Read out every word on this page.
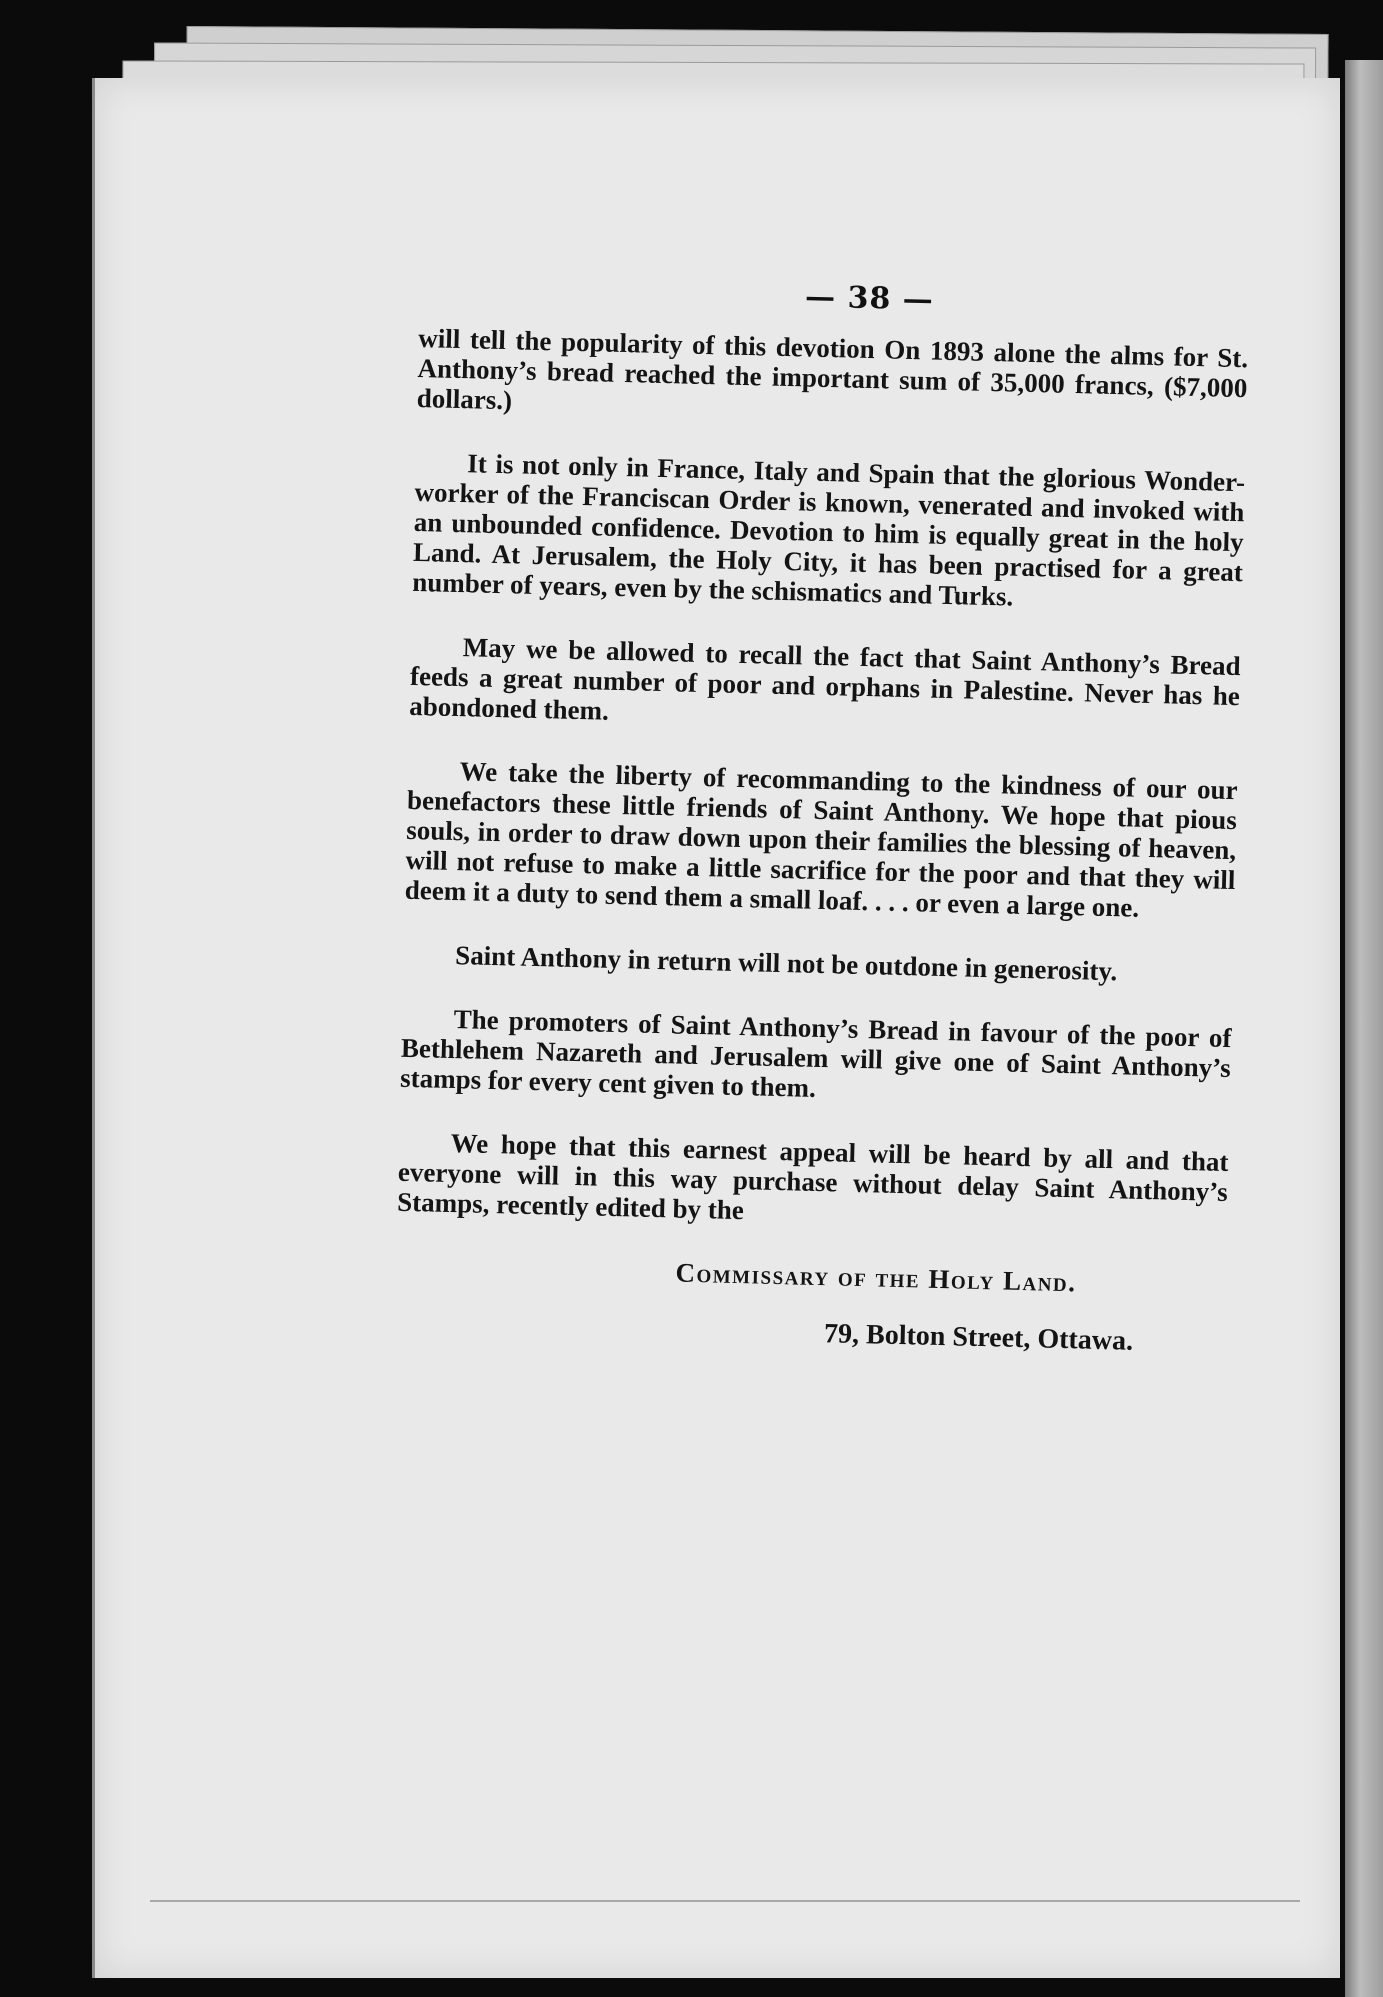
— 38 —

will tell the popularity of this devotion On 1893 alone the alms for St. Anthony’s bread reached the important sum of 35,000 francs, ($7,000 dollars.)

It is not only in France, Italy and Spain that the glorious Wonder-worker of the Franciscan Order is known, venerated and invoked with an unbounded confidence. Devotion to him is equally great in the holy Land. At Jerusalem, the Holy City, it has been practised for a great number of years, even by the schismatics and Turks.

May we be allowed to recall the fact that Saint Anthony’s Bread feeds a great number of poor and orphans in Palestine. Never has he abondoned them.

We take the liberty of recommanding to the kindness of our our benefactors these little friends of Saint Anthony. We hope that pious souls, in order to draw down upon their families the blessing of heaven, will not refuse to make a little sacrifice for the poor and that they will deem it a duty to send them a small loaf. . . . or even a large one.

Saint Anthony in return will not be outdone in generosity.

The promoters of Saint Anthony’s Bread in favour of the poor of Bethlehem Nazareth and Jerusalem will give one of Saint Anthony’s stamps for every cent given to them.

We hope that this earnest appeal will be heard by all and that everyone will in this way purchase without delay Saint Anthony’s Stamps, recently edited by the

Commissary of the Holy Land.
79, Bolton Street, Ottawa.
